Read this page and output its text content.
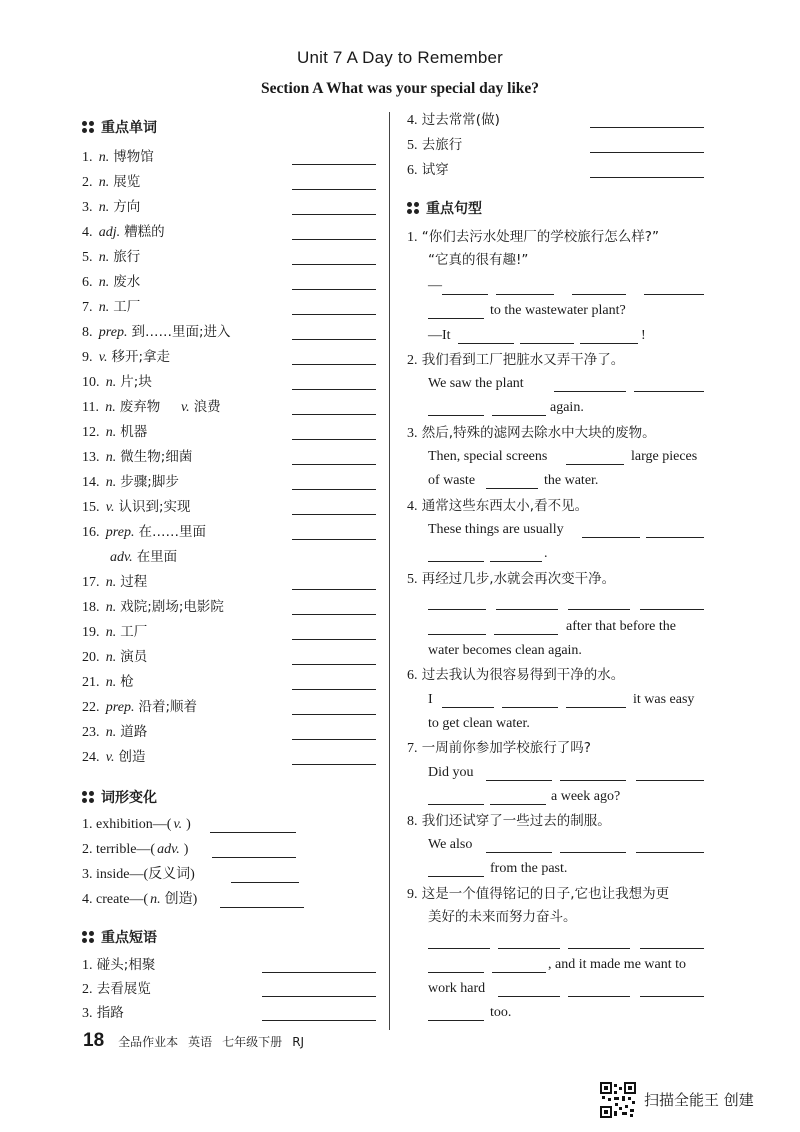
Unit 7 A Day to Remember
Section A What was your special day like?
重点单词
1. n. 博物馆
2. n. 展览
3. n. 方向
4. adj. 糟糕的
5. n. 旅行
6. n. 废水
7. n. 工厂
8. prep. 到……里面;进入
9. v. 移开;拿走
10. n. 片;块
11. n. 废弃物
12. n. 机器
13. n. 微生物;细菌
14. n. 步骤;脚步
15. v. 认识到;实现
16. prep. 在……里面
17. n. 过程
18. n. 戏院;剧场;电影院
19. n. 工厂
20. n. 演员
21. n. 枪
22. prep. 沿着;顺着
23. n. 道路
24. v. 创造
v. 浪费
adv. 在里面
词形变化
1. exhibition—( v. )
2. terrible—( adv. )
3. inside—(反义词)
4. create—( n. 创造)
重点短语
1. 碰头;相聚
2. 去看展览
3. 指路
4. 过去常常(做)
5. 去旅行
6. 试穿
重点句型
1. “你们去污水处理厂的学校旅行怎么样?”
“它真的很有趣!”
—
to the wastewater plant?
—It	!
2. 我们看到工厂把脏水又弄干净了。
We saw the plant
again.
3. 然后,特殊的滤网去除水中大块的废物。
Then, special screens	large pieces
of waste	the water.
4. 通常这些东西太小,看不见。
These things are usually
.
5. 再经过几步,水就会再次变干净。
after that before the
water becomes clean again.
6. 过去我认为很容易得到干净的水。
I	it was easy
to get clean water.
7. 一周前你参加学校旅行了吗?
Did you
a week ago?
8. 我们还试穿了一些过去的制服。
We also
from the past.
9. 这是一个值得铭记的日子,它也让我想为更
美好的未来而努力奋斗。
, and it made me want to
work hard
too.
18 全品作业本 英语 七年级下册 RJ
扫描全能王 创建
